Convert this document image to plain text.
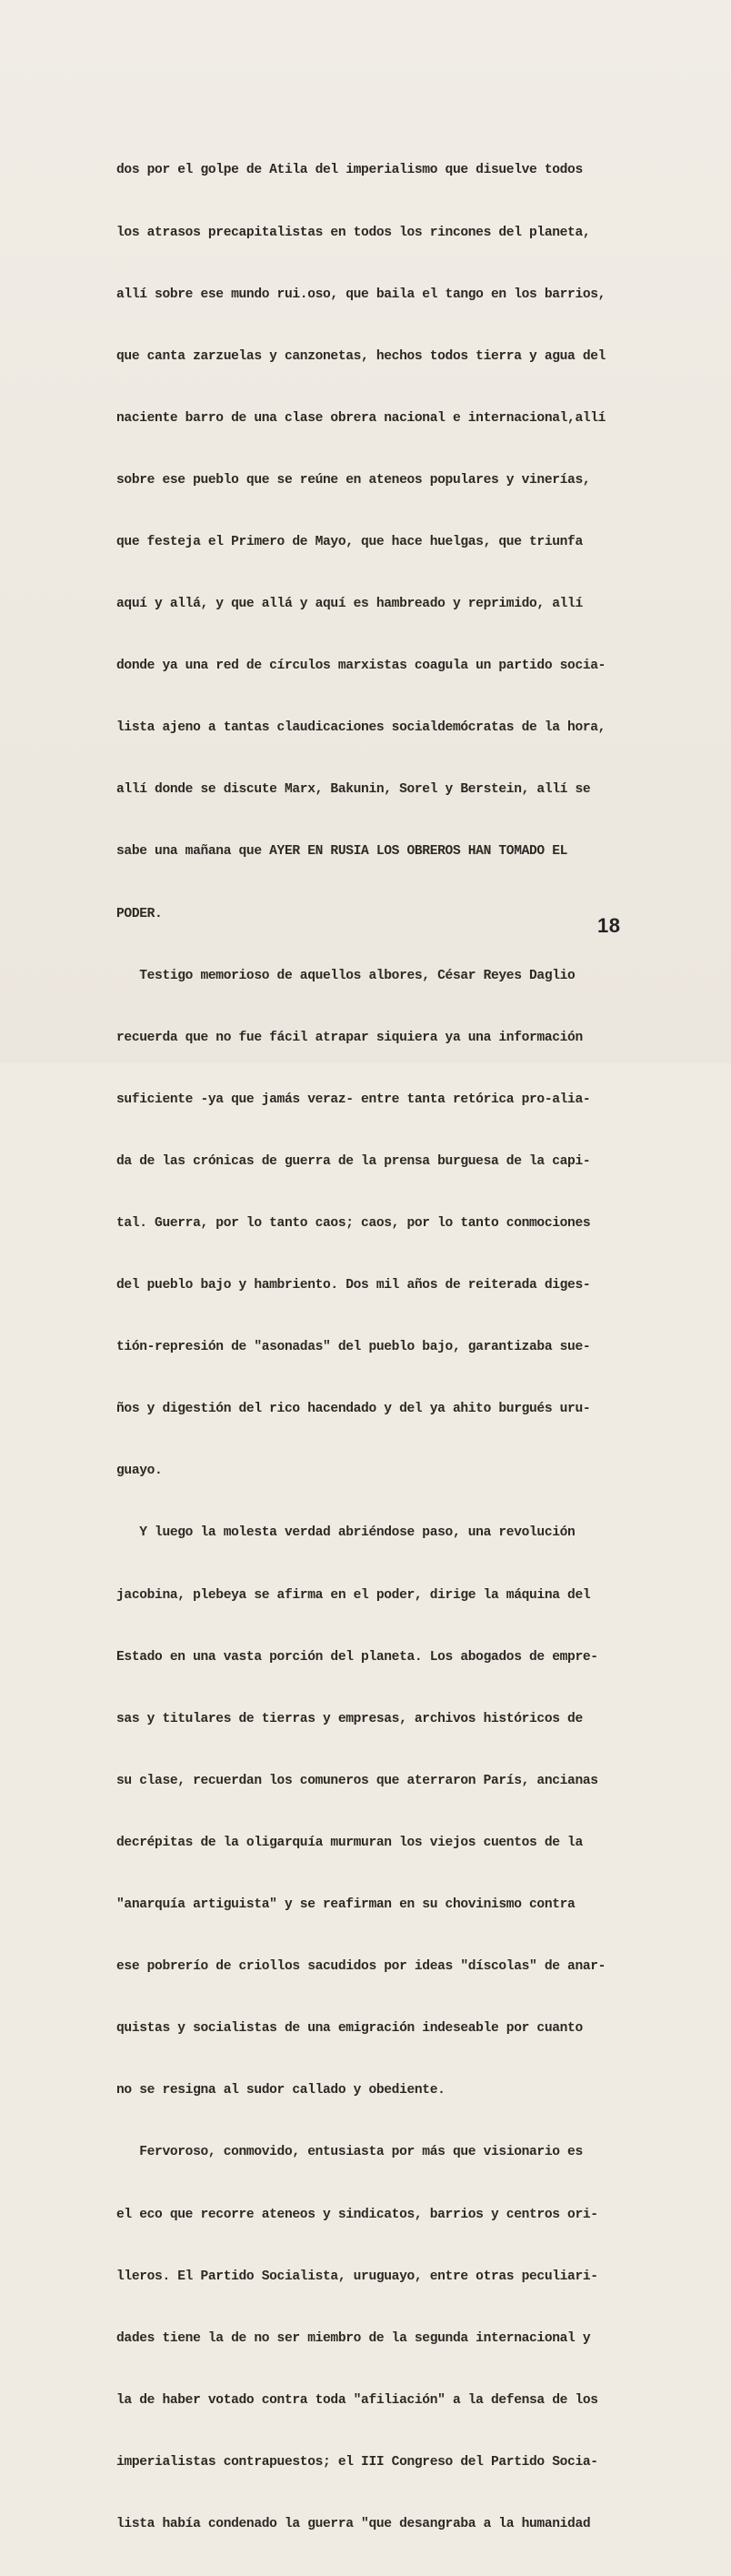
dos por el golpe de Atila del imperialismo que disuelve todos

los atrasos precapitalistas en todos los rincones del planeta,

allí sobre ese mundo rui.oso, que baila el tango en los barrios,

que canta zarzuelas y canzonetas, hechos todos tierra y agua del

naciente barro de una clase obrera nacional e internacional,allí

sobre ese pueblo que se reúne en ateneos populares y vinerías,

que festeja el Primero de Mayo, que hace huelgas, que triunfa

aquí y allá, y que allá y aquí es hambreado y reprimido, allí

donde ya una red de círculos marxistas coagula un partido socia-

lista ajeno a tantas claudicaciones socialdemócratas de la hora,

allí donde se discute Marx, Bakunin, Sorel y Berstein, allí se

sabe una mañana que AYER EN RUSIA LOS OBREROS HAN TOMADO EL

PODER.

Testigo memorioso de aquellos albores, César Reyes Daglio

recuerda que no fue fácil atrapar siquiera ya una información

suficiente -ya que jamás veraz- entre tanta retórica pro-alia-

da de las crónicas de guerra de la prensa burguesa de la capi-

tal. Guerra, por lo tanto caos; caos, por lo tanto conmociones

del pueblo bajo y hambriento. Dos mil años de reiterada diges-

tión-represión de "asonadas" del pueblo bajo, garantizaba sue-

ños y digestión del rico hacendado y del ya ahito burgués uru-

guayo.

Y luego la molesta verdad abriéndose paso, una revolución

jacobina, plebeya se afirma en el poder, dirige la máquina del

Estado en una vasta porción del planeta. Los abogados de empre-

sas y titulares de tierras y empresas, archivos históricos de

su clase, recuerdan los comuneros que aterraron París, ancianas

decrépitas de la oligarquía murmuran los viejos cuentos de la

"anarquía artiguista" y se reafirman en su chovinismo contra

ese pobrerío de criollos sacudidos por ideas "díscolas" de anar-

quistas y socialistas de una emigración indeseable por cuanto

no se resigna al sudor callado y obediente.

Fervoroso, conmovido, entusiasta por más que visionario es

el eco que recorre ateneos y sindicatos, barrios y centros ori-

lleros. El Partido Socialista, uruguayo, entre otras peculiari-

dades tiene la de no ser miembro de la segunda internacional y

la de haber votado contra toda "afiliación" a la defensa de los

imperialistas contrapuestos; el III Congreso del Partido Socia-

lista había condenado la guerra "que desangraba a la humanidad

18
